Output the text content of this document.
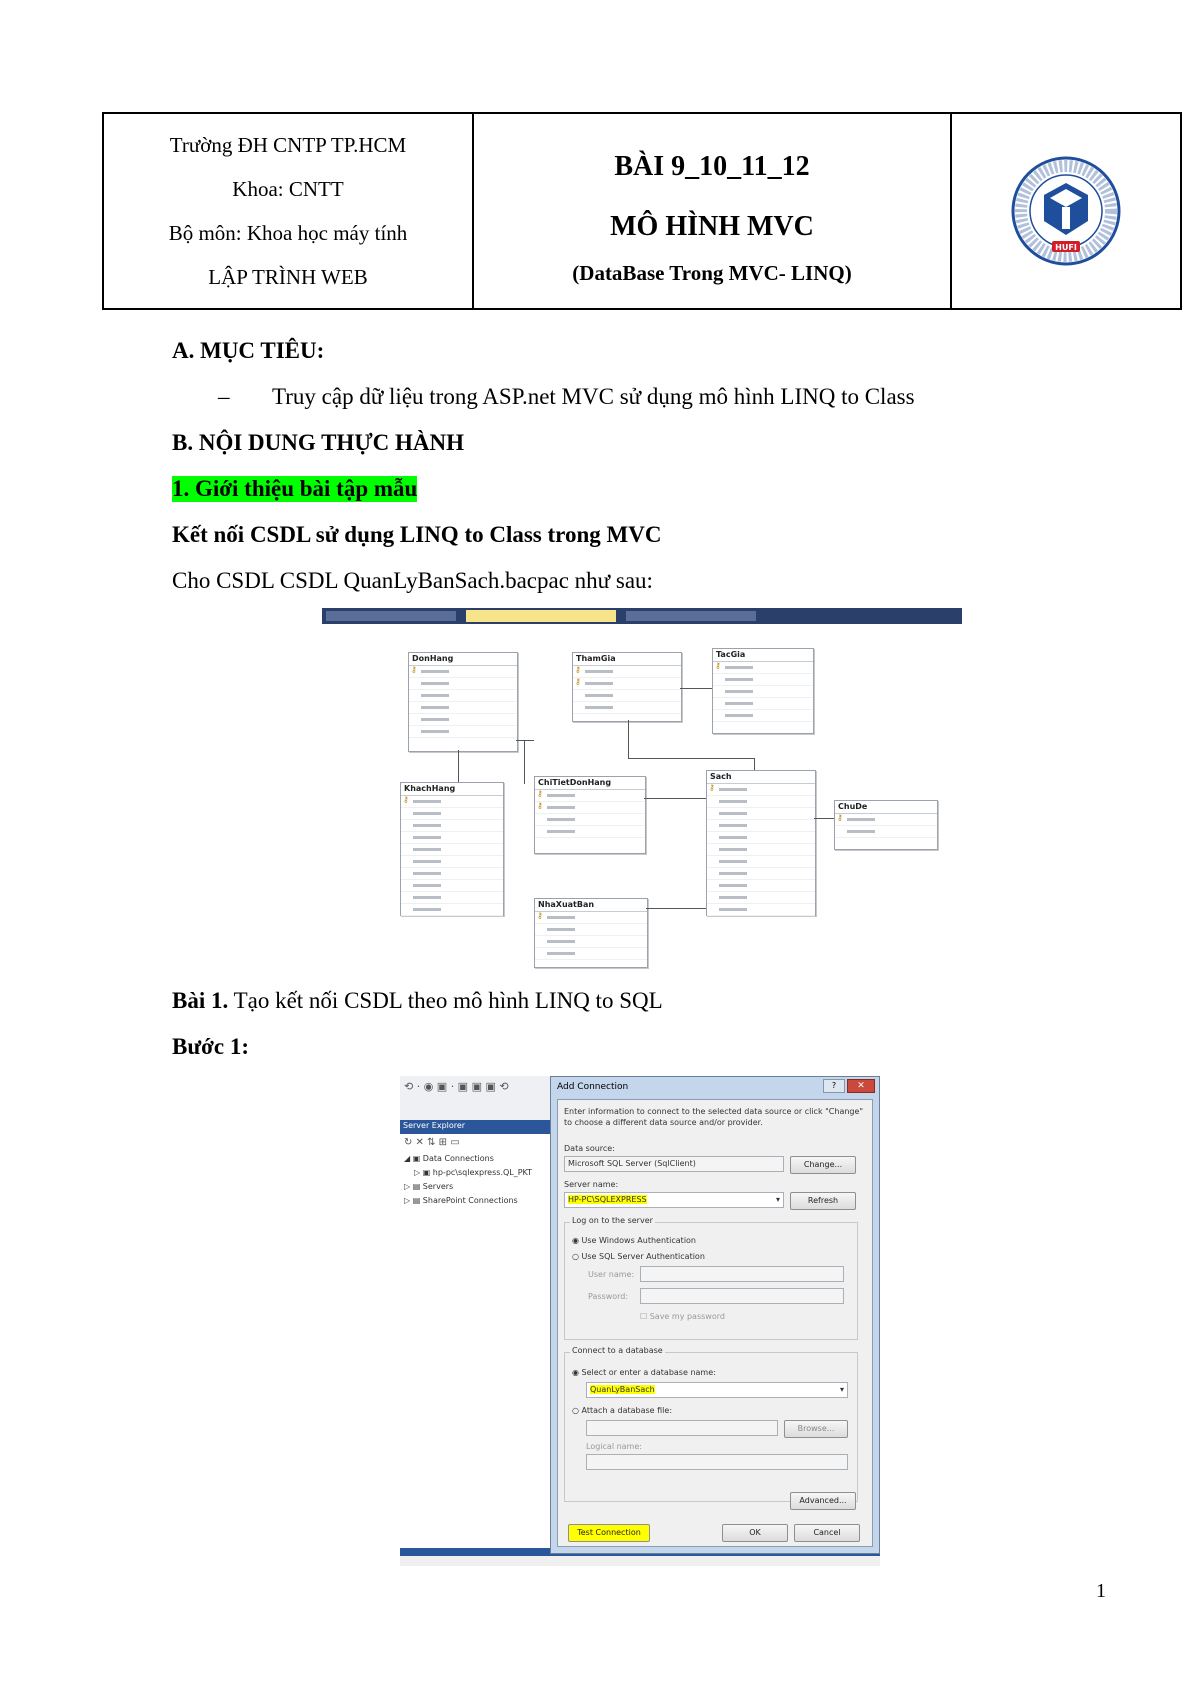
Trường ĐH CNTP TP.HCM
Khoa: CNTT
Bộ môn: Khoa học máy tính
LẬP TRÌNH WEB
BÀI 9_10_11_12
MÔ HÌNH MVC
(DataBase Trong MVC- LINQ)
HUFI
A. MỤC TIÊU:
– Truy cập dữ liệu trong ASP.net MVC sử dụng mô hình LINQ to Class
B. NỘI DUNG THỰC HÀNH
1. Giới thiệu bài tập mẫu
Kết nối CSDL sử dụng LINQ to Class trong MVC
Cho CSDL CSDL QuanLyBanSach.bacpac như sau:
DonHang
⚷
KhachHang
⚷
ChiTietDonHang
⚷
⚷
ThamGia
⚷
⚷	TacGia
⚷
Sach
⚷
ChuDe
⚷
NhaXuatBan
⚷
Bài 1. Tạo kết nối CSDL theo mô hình LINQ to SQL
Bước 1:
⟲ · ◉ ▣ · ▣ ▣ ▣ ⟲
Server Explorer
↻ ✕ ⇅ ⊞ ▭
◢ ▣ Data Connections
▷ ▣ hp-pc\sqlexpress.QL_PKT
▷ ▤ Servers
▷ ▤ SharePoint Connections
Add Connection	?	✕
Enter information to connect to the selected data source or click "Change" to choose a different data source and/or provider.
Data source:
Microsoft SQL Server (SqlClient)	Change...
Server name:
HP-PC\SQLEXPRESS	▾	Refresh
Log on to the server
◉ Use Windows Authentication
○ Use SQL Server Authentication
User name:
Password:
☐ Save my password
Connect to a database
◉ Select or enter a database name:
QuanLyBanSach	▾
○ Attach a database file:
Browse...
Logical name:
Advanced...
Test Connection	OK	Cancel
1
